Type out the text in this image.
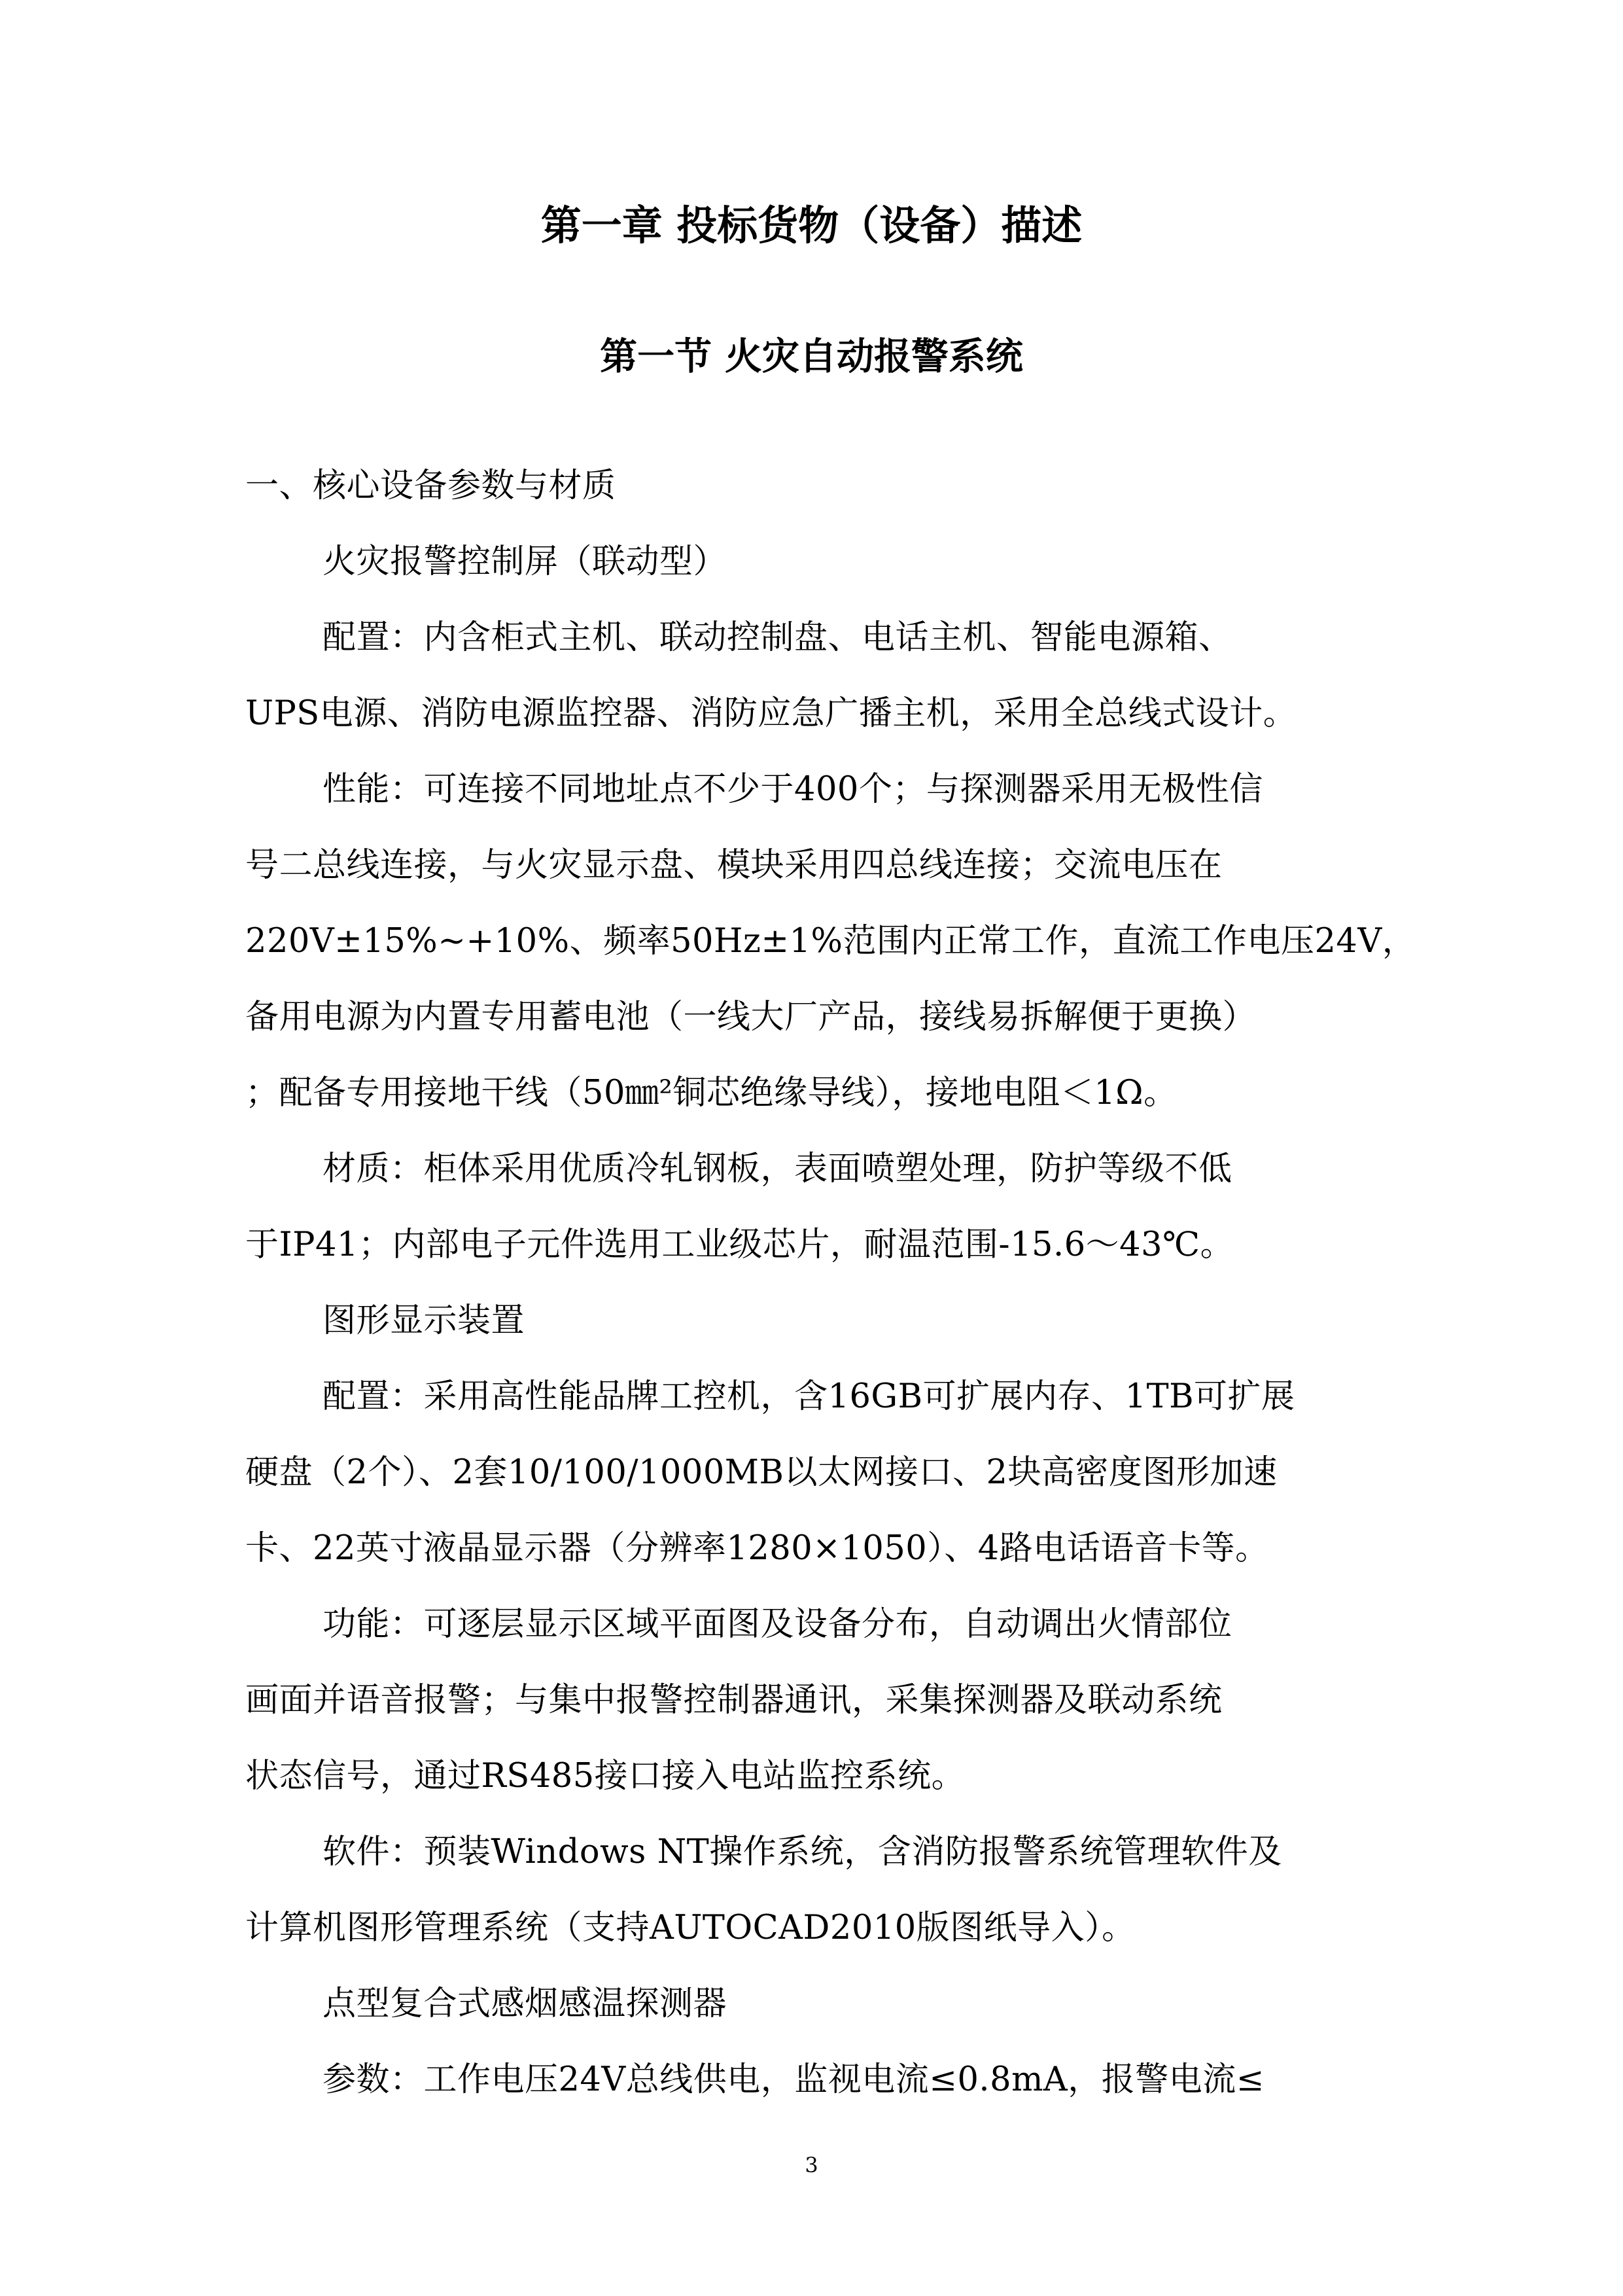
第一章 投标货物（设备）描述
第一节 火灾自动报警系统
一、核心设备参数与材质
火灾报警控制屏（联动型）
配置：内含柜式主机、联动控制盘、电话主机、智能电源箱、
UPS电源、消防电源监控器、消防应急广播主机，采用全总线式设计。
性能：可连接不同地址点不少于400个；与探测器采用无极性信
号二总线连接，与火灾显示盘、模块采用四总线连接；交流电压在
220V±15%~+10%、频率50Hz±1%范围内正常工作，直流工作电压24V，
备用电源为内置专用蓄电池（一线大厂产品，接线易拆解便于更换）
；配备专用接地干线（50㎜²铜芯绝缘导线），接地电阻＜1Ω。
材质：柜体采用优质冷轧钢板，表面喷塑处理，防护等级不低
于IP41；内部电子元件选用工业级芯片，耐温范围-15.6～43℃。
图形显示装置
配置：采用高性能品牌工控机，含16GB可扩展内存、1TB可扩展
硬盘（2个）、2套10/100/1000MB以太网接口、2块高密度图形加速
卡、22英寸液晶显示器（分辨率1280×1050）、4路电话语音卡等。
功能：可逐层显示区域平面图及设备分布，自动调出火情部位
画面并语音报警；与集中报警控制器通讯，采集探测器及联动系统
状态信号，通过RS485接口接入电站监控系统。
软件：预装Windows NT操作系统，含消防报警系统管理软件及
计算机图形管理系统（支持AUTOCAD2010版图纸导入）。
点型复合式感烟感温探测器
参数：工作电压24V总线供电，监视电流≤0.8mA，报警电流≤
3
